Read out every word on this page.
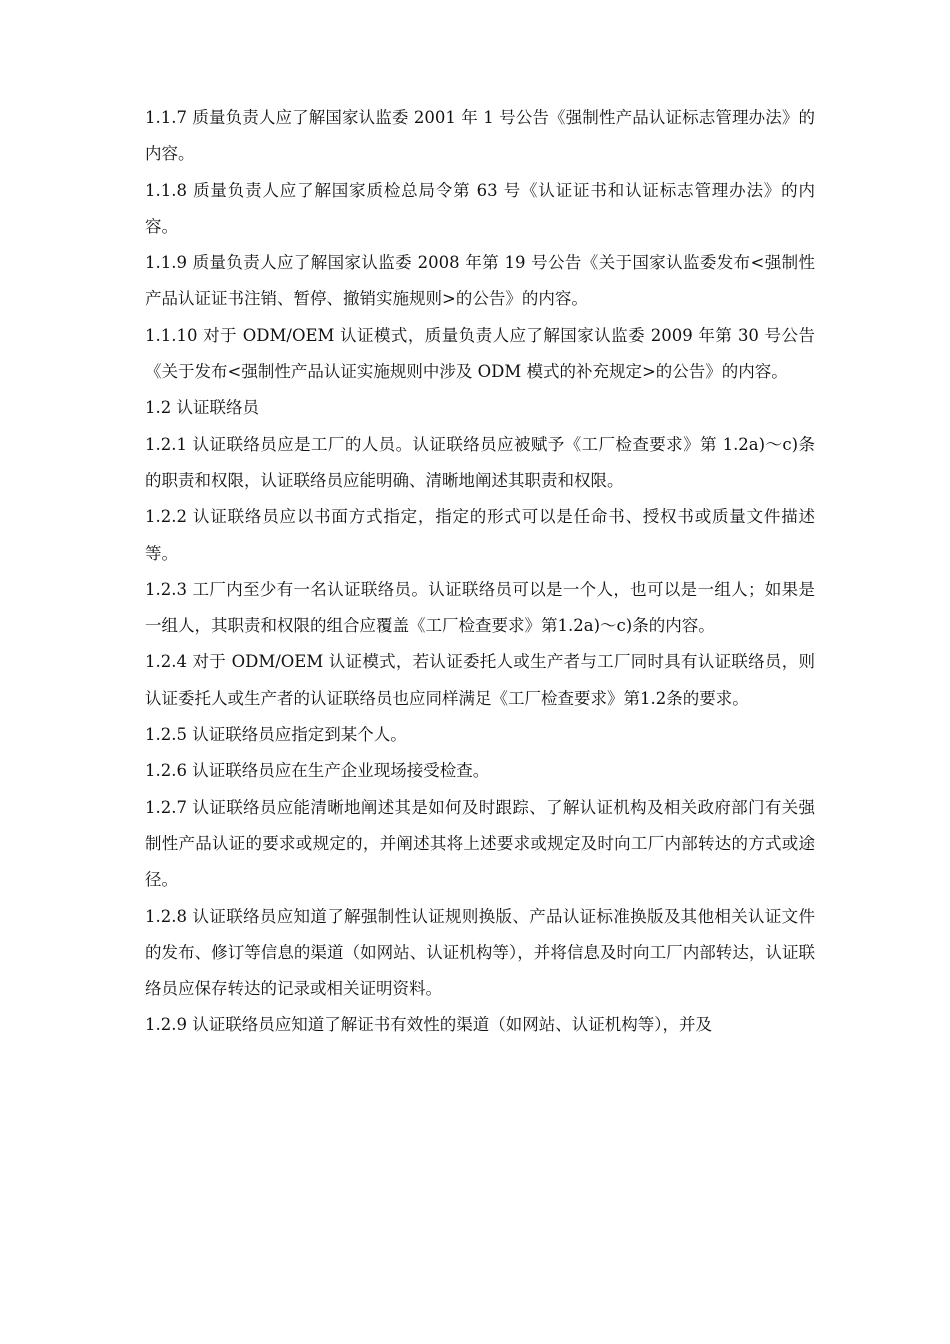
1.1.7 质量负责人应了解国家认监委 2001 年 1 号公告《强制性产品认证标志管理办法》的内容。

1.1.8 质量负责人应了解国家质检总局令第 63 号《认证证书和认证标志管理办法》的内容。

1.1.9 质量负责人应了解国家认监委 2008 年第 19 号公告《关于国家认监委发布<强制性产品认证证书注销、暂停、撤销实施规则>的公告》的内容。

1.1.10 对于 ODM/OEM 认证模式，质量负责人应了解国家认监委 2009 年第 30 号公告《关于发布<强制性产品认证实施规则中涉及 ODM 模式的补充规定>的公告》的内容。

1.2 认证联络员

1.2.1 认证联络员应是工厂的人员。认证联络员应被赋予《工厂检查要求》第 1.2a)～c)条的职责和权限，认证联络员应能明确、清晰地阐述其职责和权限。

1.2.2 认证联络员应以书面方式指定，指定的形式可以是任命书、授权书或质量文件描述等。

1.2.3 工厂内至少有一名认证联络员。认证联络员可以是一个人，也可以是一组人；如果是一组人，其职责和权限的组合应覆盖《工厂检查要求》第1.2a)～c)条的内容。

1.2.4 对于 ODM/OEM 认证模式，若认证委托人或生产者与工厂同时具有认证联络员，则认证委托人或生产者的认证联络员也应同样满足《工厂检查要求》第1.2条的要求。

1.2.5 认证联络员应指定到某个人。

1.2.6 认证联络员应在生产企业现场接受检查。

1.2.7 认证联络员应能清晰地阐述其是如何及时跟踪、了解认证机构及相关政府部门有关强制性产品认证的要求或规定的，并阐述其将上述要求或规定及时向工厂内部转达的方式或途径。

1.2.8 认证联络员应知道了解强制性认证规则换版、产品认证标准换版及其他相关认证文件的发布、修订等信息的渠道（如网站、认证机构等），并将信息及时向工厂内部转达，认证联络员应保存转达的记录或相关证明资料。

1.2.9 认证联络员应知道了解证书有效性的渠道（如网站、认证机构等），并及
